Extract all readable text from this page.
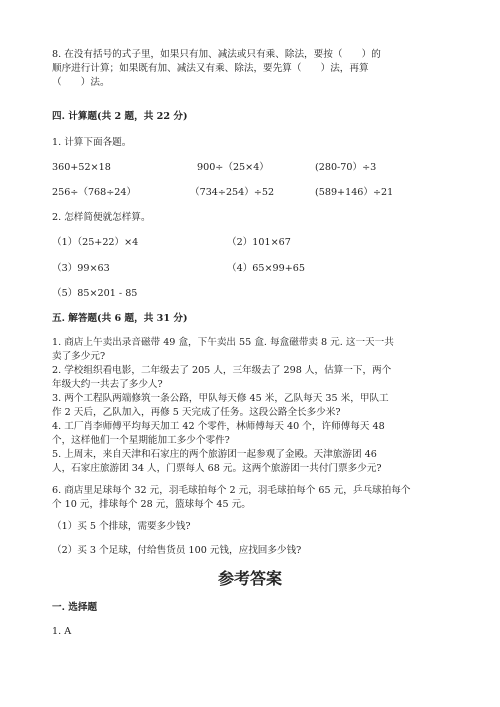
8. 在没有括号的式子里，如果只有加、减法或只有乘、除法，要按（　　）的
顺序进行计算；如果既有加、减法又有乘、除法，要先算（　　）法，再算
（　　）法。
四. 计算题(共 2 题，共 22 分)
1. 计算下面各题。
360+52×18	900÷（25×4）	(280-70）÷3
256÷（768÷24）	（734÷254）÷52	(589+146）÷21
2. 怎样简便就怎样算。
（1）（25+22）×4	（2）101×67
（3）99×63	（4）65×99+65
（5）85×201 - 85
五. 解答题(共 6 题，共 31 分)
1. 商店上午卖出录音磁带 49 盒，下午卖出 55 盒. 每盒磁带卖 8 元. 这一天一共
卖了多少元?
2. 学校组织看电影，二年级去了 205 人，三年级去了 298 人，估算一下，两个
年级大约一共去了多少人?
3. 两个工程队两端修筑一条公路，甲队每天修 45 米，乙队每天 35 米，甲队工
作 2 天后，乙队加入，再修 5 天完成了任务。这段公路全长多少米?
4. 工厂肖李师傅平均每天加工 42 个零件，林师傅每天 40 个，许师傅每天 48
个，这样他们一个星期能加工多少个零件?
5. 上周末，来自天津和石家庄的两个旅游团一起参观了金殿。天津旅游团 46
人，石家庄旅游团 34 人，门票每人 68 元。这两个旅游团一共付门票多少元?
6. 商店里足球每个 32 元，羽毛球拍每个 2 元，羽毛球拍每个 65 元，乒乓球拍每个
个 10 元，排球每个 28 元，篮球每个 45 元。
（1）买 5 个排球，需要多少钱?
（2）买 3 个足球，付给售货员 100 元钱，应找回多少钱?
参考答案
一. 选择题
1. A
